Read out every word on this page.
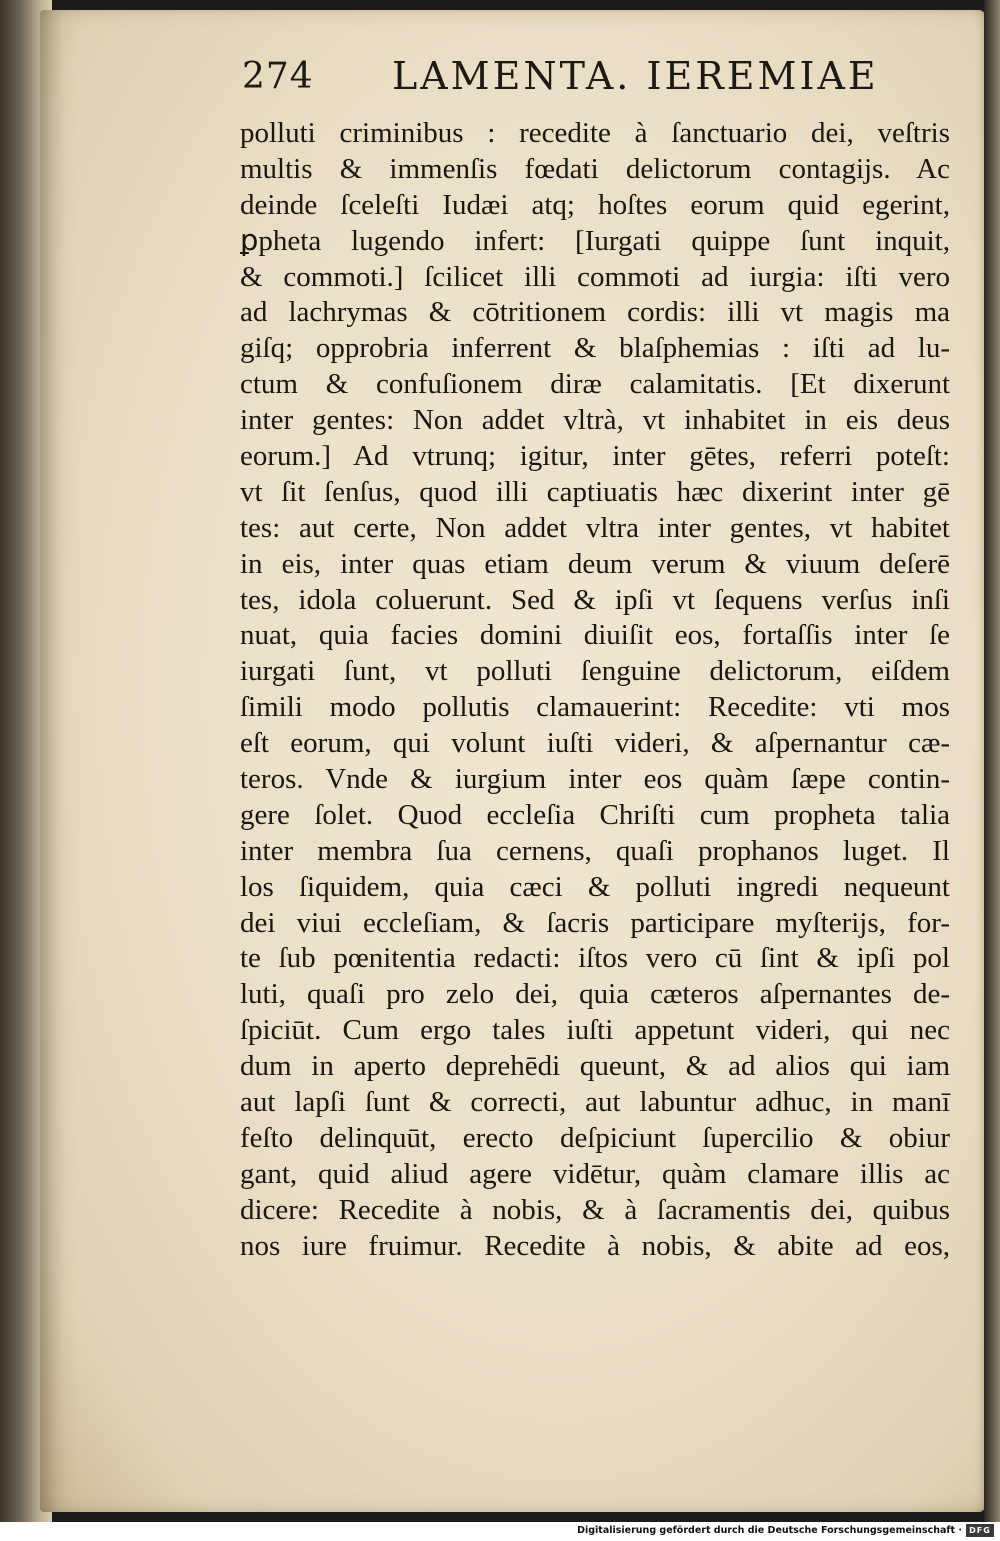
274 LAMENTA. IEREMIAE
polluti criminibus : recedite à ſanctuario dei, veſtris
multis & immenſis fœdati delictorum contagijs. Ac
deinde ſceleſti Iudæi atq; hoſtes eorum quid egerint,
ꝑpheta lugendo infert: [Iurgati quippe ſunt inquit,
& commoti.] ſcilicet illi commoti ad iurgia: iſti vero
ad lachrymas & cōtritionem cordis: illi vt magis ma
giſq; opprobria inferrent & blaſphemias : iſti ad lu-
ctum & confuſionem diræ calamitatis. [Et dixerunt
inter gentes: Non addet vltrà, vt inhabitet in eis deus
eorum.] Ad vtrunq; igitur, inter gētes, referri poteſt:
vt ſit ſenſus, quod illi captiuatis hæc dixerint inter gē
tes: aut certe, Non addet vltra inter gentes, vt habitet
in eis, inter quas etiam deum verum & viuum deſerē
tes, idola coluerunt. Sed & ipſi vt ſequens verſus inſi
nuat, quia facies domini diuiſit eos, fortaſſis inter ſe
iurgati ſunt, vt polluti ſenguine delictorum, eiſdem
ſimili modo pollutis clamauerint: Recedite: vti mos
eſt eorum, qui volunt iuſti videri, & aſpernantur cæ-
teros. Vnde & iurgium inter eos quàm ſæpe contin-
gere ſolet. Quod eccleſia Chriſti cum propheta talia
inter membra ſua cernens, quaſi prophanos luget. Il
los ſiquidem, quia cæci & polluti ingredi nequeunt
dei viui eccleſiam, & ſacris participare myſterijs, for-
te ſub pœnitentia redacti: iſtos vero cū ſint & ipſi pol
luti, quaſi pro zelo dei, quia cæteros aſpernantes de-
ſpiciūt. Cum ergo tales iuſti appetunt videri, qui nec
dum in aperto deprehēdi queunt, & ad alios qui iam
aut lapſi ſunt & correcti, aut labuntur adhuc, in manī
feſto delinquūt, erecto deſpiciunt ſupercilio & obiur
gant, quid aliud agere vidētur, quàm clamare illis ac
dicere: Recedite à nobis, & à ſacramentis dei, quibus
nos iure fruimur. Recedite à nobis, & abite ad eos,
Digitalisierung gefördert durch die Deutsche Forschungsgemeinschaft · DFG
